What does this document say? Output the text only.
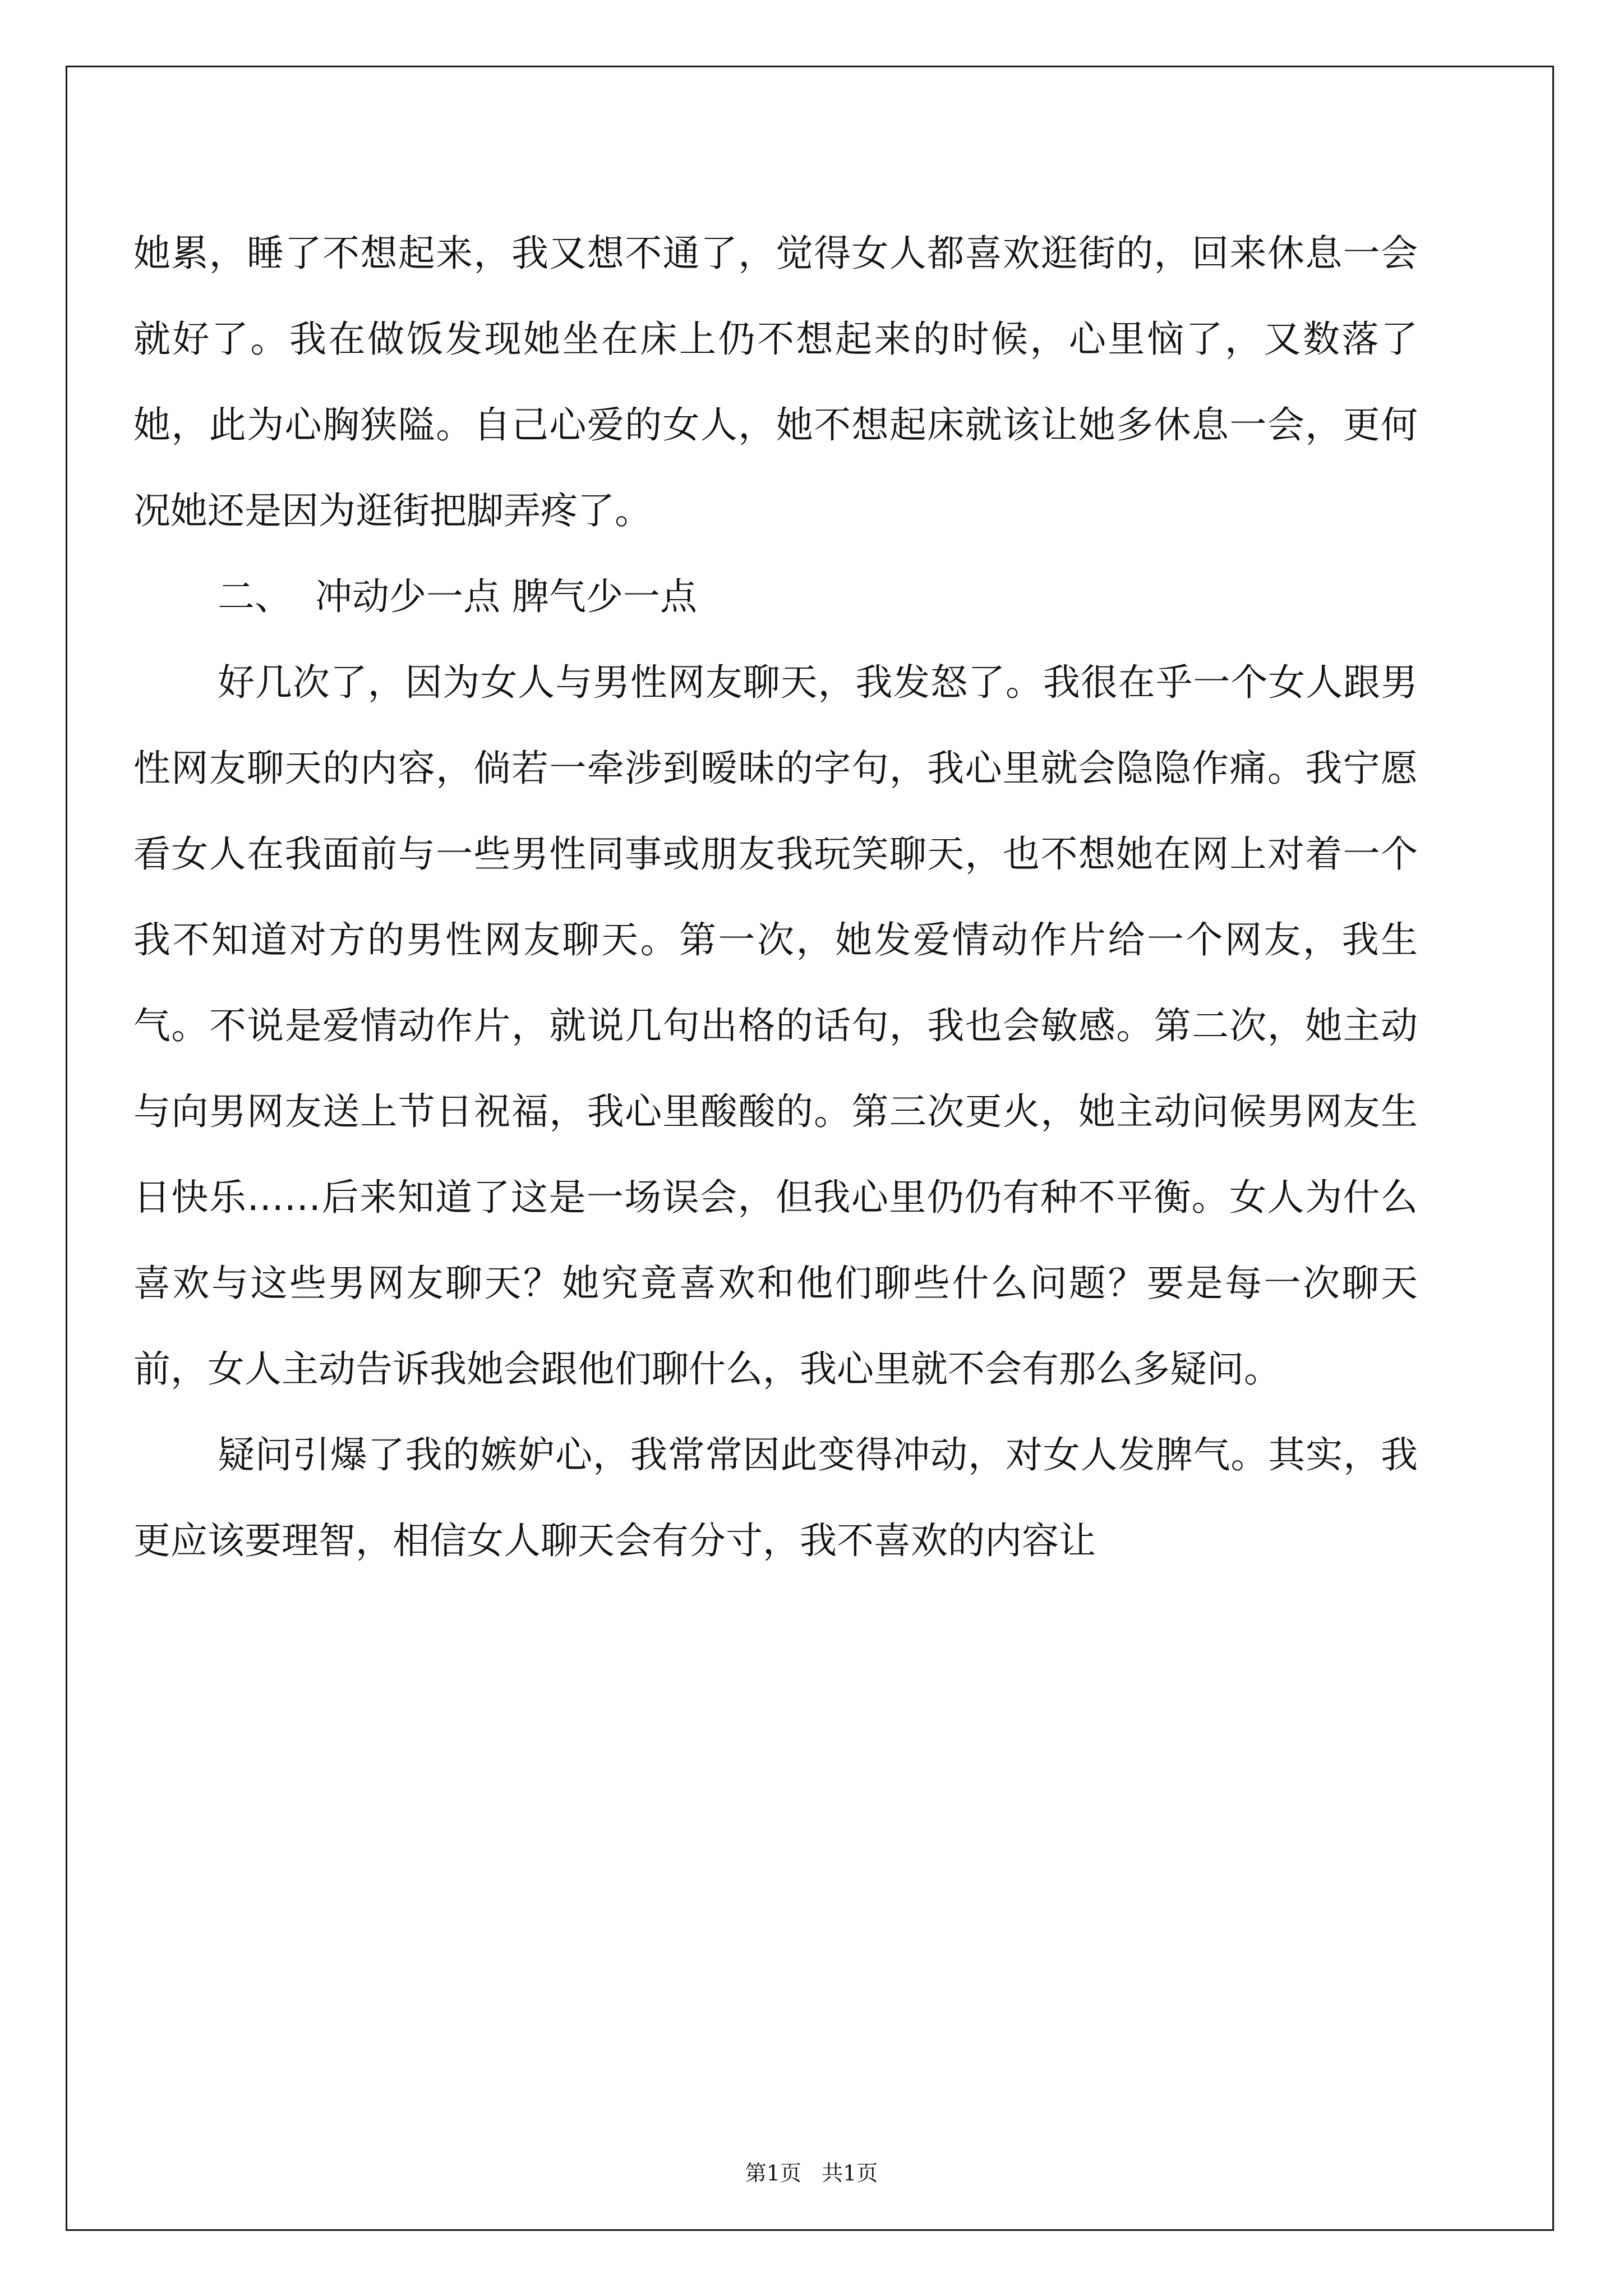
她累，睡了不想起来，我又想不通了，觉得女人都喜欢逛街的，回来休息一会就好了。我在做饭发现她坐在床上仍不想起来的时候，心里恼了，又数落了她，此为心胸狭隘。自己心爱的女人，她不想起床就该让她多休息一会，更何况她还是因为逛街把脚弄疼了。

二、  冲动少一点 脾气少一点

好几次了，因为女人与男性网友聊天，我发怒了。我很在乎一个女人跟男性网友聊天的内容，倘若一牵涉到暧昧的字句，我心里就会隐隐作痛。我宁愿看女人在我面前与一些男性同事或朋友我玩笑聊天，也不想她在网上对着一个我不知道对方的男性网友聊天。第一次，她发爱情动作片给一个网友，我生气。不说是爱情动作片，就说几句出格的话句，我也会敏感。第二次，她主动与向男网友送上节日祝福，我心里酸酸的。第三次更火，她主动问候男网友生日快乐……后来知道了这是一场误会，但我心里仍仍有种不平衡。女人为什么喜欢与这些男网友聊天？她究竟喜欢和他们聊些什么问题？要是每一次聊天前，女人主动告诉我她会跟他们聊什么，我心里就不会有那么多疑问。

疑问引爆了我的嫉妒心，我常常因此变得冲动，对女人发脾气。其实，我更应该要理智，相信女人聊天会有分寸，我不喜欢的内容让

第1页   共1页
